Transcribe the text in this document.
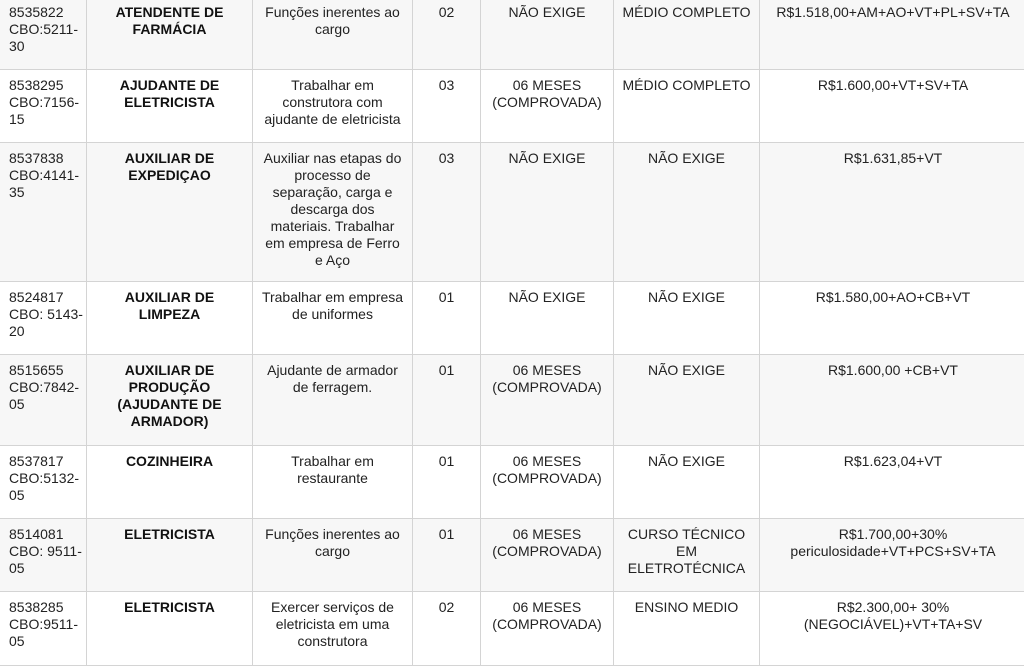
8535822 CBO:5211-30	ATENDENTE DE FARMÁCIA	Funções inerentes ao cargo	02	NÃO EXIGE	MÉDIO COMPLETO	R$1.518,00+AM+AO+VT+PL+SV+TA
8538295 CBO:7156-15	AJUDANTE DE ELETRICISTA	Trabalhar em construtora com ajudante de eletricista	03	06 MESES (COMPROVADA)	MÉDIO COMPLETO	R$1.600,00+VT+SV+TA
8537838 CBO:4141-35	AUXILIAR DE EXPEDIÇAO	Auxiliar nas etapas do processo de separação, carga e descarga dos materiais. Trabalhar em empresa de Ferro e Aço	03	NÃO EXIGE	NÃO EXIGE	R$1.631,85+VT
8524817 CBO: 5143-20	AUXILIAR DE LIMPEZA	Trabalhar em empresa de uniformes	01	NÃO EXIGE	NÃO EXIGE	R$1.580,00+AO+CB+VT
8515655 CBO:7842-05	AUXILIAR DE PRODUÇÃO (AJUDANTE DE ARMADOR)	Ajudante de armador de ferragem.	01	06 MESES (COMPROVADA)	NÃO EXIGE	R$1.600,00 +CB+VT
8537817 CBO:5132-05	COZINHEIRA	Trabalhar em restaurante	01	06 MESES (COMPROVADA)	NÃO EXIGE	R$1.623,04+VT
8514081 CBO: 9511-05	ELETRICISTA	Funções inerentes ao cargo	01	06 MESES (COMPROVADA)	CURSO TÉCNICO EM ELETROTÉCNICA	R$1.700,00+30% periculosidade+VT+PCS+SV+TA
8538285 CBO:9511-05	ELETRICISTA	Exercer serviços de eletricista em uma construtora	02	06 MESES (COMPROVADA)	ENSINO MEDIO	R$2.300,00+ 30%(NEGOCIÁVEL)+VT+TA+SV
